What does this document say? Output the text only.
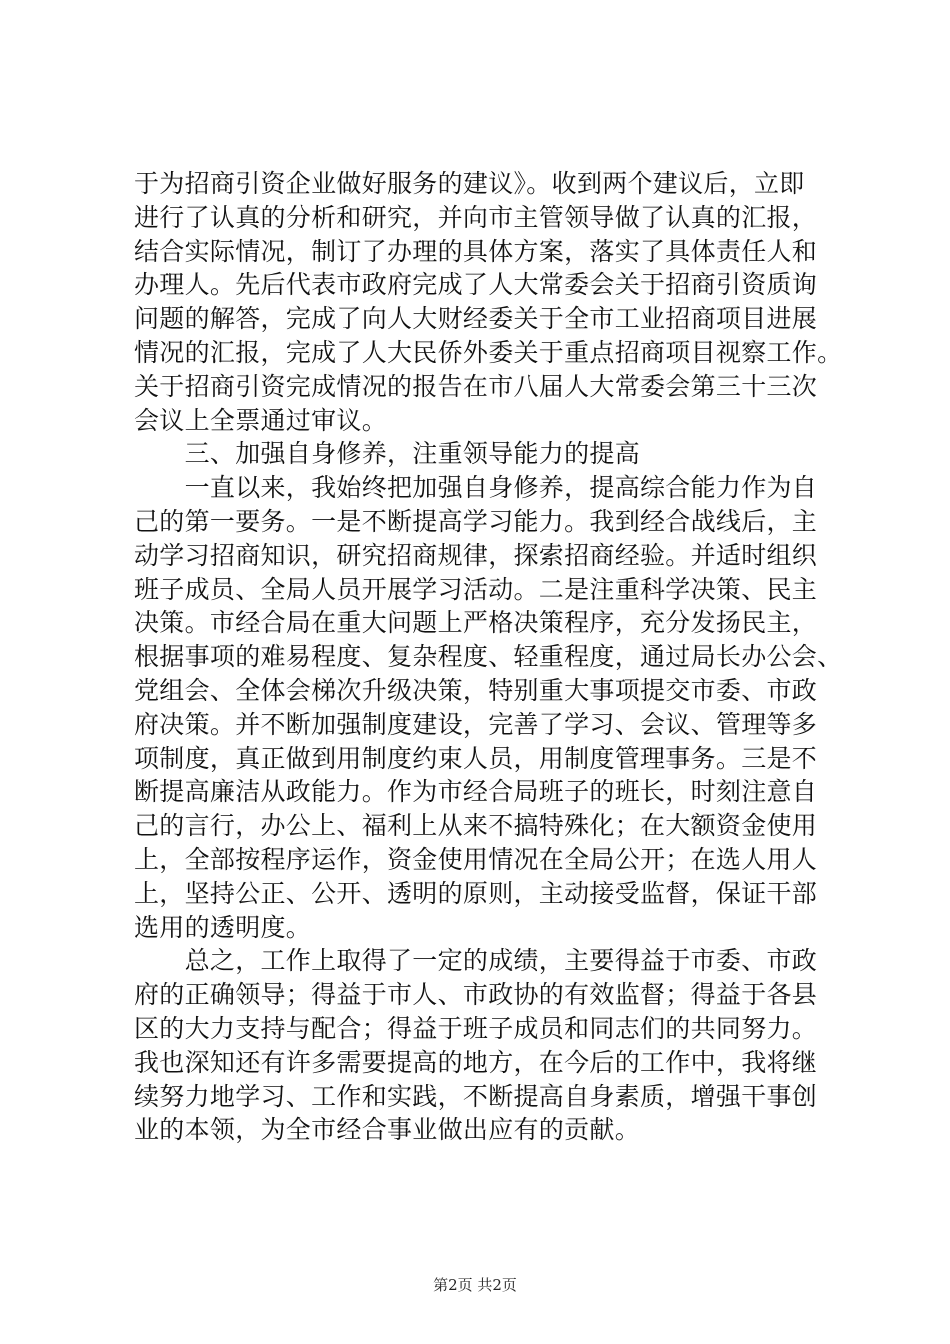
于为招商引资企业做好服务的建议》。收到两个建议后，立即
进行了认真的分析和研究，并向市主管领导做了认真的汇报，
结合实际情况，制订了办理的具体方案，落实了具体责任人和
办理人。先后代表市政府完成了人大常委会关于招商引资质询
问题的解答，完成了向人大财经委关于全市工业招商项目进展
情况的汇报，完成了人大民侨外委关于重点招商项目视察工作。
关于招商引资完成情况的报告在市八届人大常委会第三十三次
会议上全票通过审议。
　　三、加强自身修养，注重领导能力的提高
　　一直以来，我始终把加强自身修养，提高综合能力作为自
己的第一要务。一是不断提高学习能力。我到经合战线后，主
动学习招商知识，研究招商规律，探索招商经验。并适时组织
班子成员、全局人员开展学习活动。二是注重科学决策、民主
决策。市经合局在重大问题上严格决策程序，充分发扬民主，
根据事项的难易程度、复杂程度、轻重程度，通过局长办公会、
党组会、全体会梯次升级决策，特别重大事项提交市委、市政
府决策。并不断加强制度建设，完善了学习、会议、管理等多
项制度，真正做到用制度约束人员，用制度管理事务。三是不
断提高廉洁从政能力。作为市经合局班子的班长，时刻注意自
己的言行，办公上、福利上从来不搞特殊化；在大额资金使用
上，全部按程序运作，资金使用情况在全局公开；在选人用人
上，坚持公正、公开、透明的原则，主动接受监督，保证干部
选用的透明度。
　　总之，工作上取得了一定的成绩，主要得益于市委、市政
府的正确领导；得益于市人、市政协的有效监督；得益于各县
区的大力支持与配合；得益于班子成员和同志们的共同努力。
我也深知还有许多需要提高的地方，在今后的工作中，我将继
续努力地学习、工作和实践，不断提高自身素质，增强干事创
业的本领，为全市经合事业做出应有的贡献。
第2页 共2页
